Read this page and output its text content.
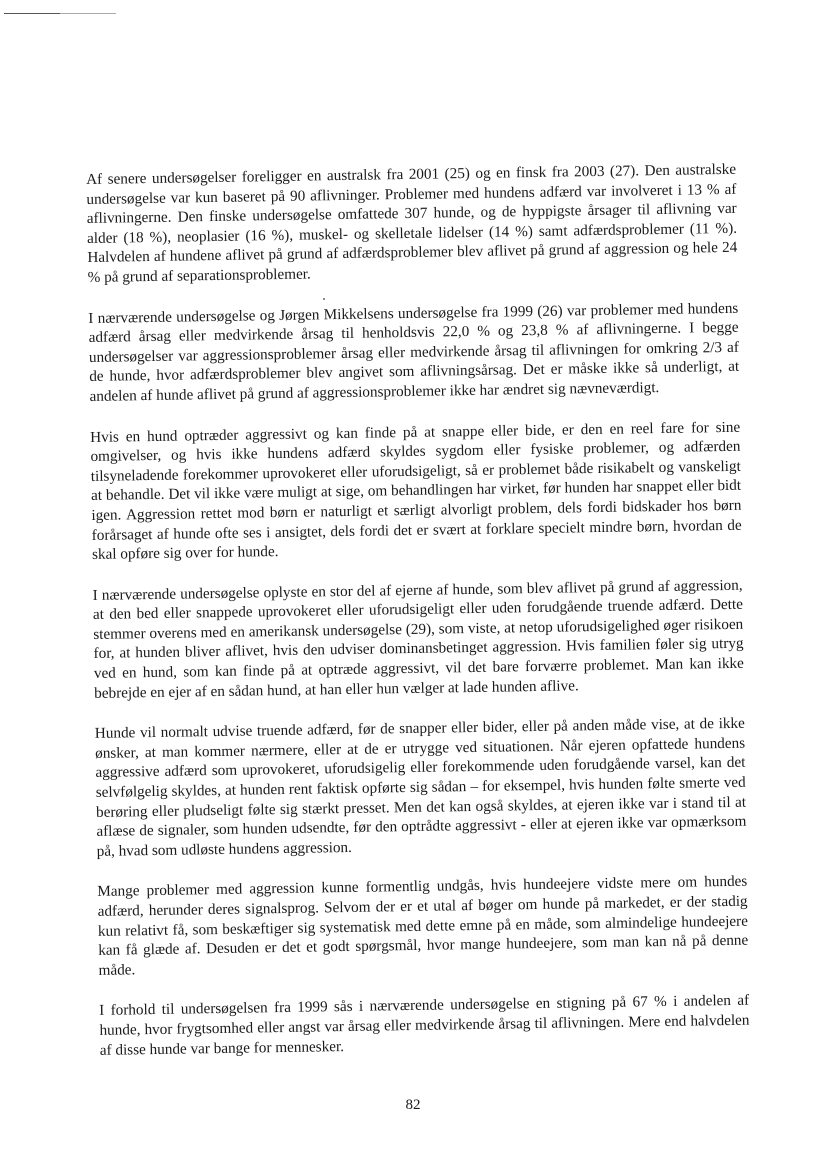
Af senere undersøgelser foreligger en australsk fra 2001 (25) og en finsk fra 2003 (27). Den australske undersøgelse var kun baseret på 90 aflivninger. Problemer med hundens adfærd var involveret i 13 % af aflivningerne. Den finske undersøgelse omfattede 307 hunde, og de hyppigste årsager til aflivning var alder (18 %), neoplasier (16 %), muskel- og skelletale lidelser (14 %) samt adfærdsproblemer (11 %). Halvdelen af hundene aflivet på grund af adfærdsproblemer blev aflivet på grund af aggression og hele 24 % på grund af separationsproblemer.

I nærværende undersøgelse og Jørgen Mikkelsens undersøgelse fra 1999 (26) var problemer med hundens adfærd årsag eller medvirkende årsag til henholdsvis 22,0 % og 23,8 % af aflivningerne. I begge undersøgelser var aggressionsproblemer årsag eller medvirkende årsag til aflivningen for omkring 2/3 af de hunde, hvor adfærdsproblemer blev angivet som aflivningsårsag. Det er måske ikke så underligt, at andelen af hunde aflivet på grund af aggressionsproblemer ikke har ændret sig nævneværdigt.

Hvis en hund optræder aggressivt og kan finde på at snappe eller bide, er den en reel fare for sine omgivelser, og hvis ikke hundens adfærd skyldes sygdom eller fysiske problemer, og adfærden tilsyneladende forekommer uprovokeret eller uforudsigeligt, så er problemet både risikabelt og vanskeligt at behandle. Det vil ikke være muligt at sige, om behandlingen har virket, før hunden har snappet eller bidt igen. Aggression rettet mod børn er naturligt et særligt alvorligt problem, dels fordi bidskader hos børn forårsaget af hunde ofte ses i ansigtet, dels fordi det er svært at forklare specielt mindre børn, hvordan de skal opføre sig over for hunde.

I nærværende undersøgelse oplyste en stor del af ejerne af hunde, som blev aflivet på grund af aggression, at den bed eller snappede uprovokeret eller uforudsigeligt eller uden forudgående truende adfærd. Dette stemmer overens med en amerikansk undersøgelse (29), som viste, at netop uforudsigelighed øger risikoen for, at hunden bliver aflivet, hvis den udviser dominansbetinget aggression. Hvis familien føler sig utryg ved en hund, som kan finde på at optræde aggressivt, vil det bare forværre problemet. Man kan ikke bebrejde en ejer af en sådan hund, at han eller hun vælger at lade hunden aflive.

Hunde vil normalt udvise truende adfærd, før de snapper eller bider, eller på anden måde vise, at de ikke ønsker, at man kommer nærmere, eller at de er utrygge ved situationen. Når ejeren opfattede hundens aggressive adfærd som uprovokeret, uforudsigelig eller forekommende uden forudgående varsel, kan det selvfølgelig skyldes, at hunden rent faktisk opførte sig sådan – for eksempel, hvis hunden følte smerte ved berøring eller pludseligt følte sig stærkt presset. Men det kan også skyldes, at ejeren ikke var i stand til at aflæse de signaler, som hunden udsendte, før den optrådte aggressivt - eller at ejeren ikke var opmærksom på, hvad som udløste hundens aggression.

Mange problemer med aggression kunne formentlig undgås, hvis hundeejere vidste mere om hundes adfærd, herunder deres signalsprog. Selvom der er et utal af bøger om hunde på markedet, er der stadig kun relativt få, som beskæftiger sig systematisk med dette emne på en måde, som almindelige hundeejere kan få glæde af. Desuden er det et godt spørgsmål, hvor mange hundeejere, som man kan nå på denne måde.

I forhold til undersøgelsen fra 1999 sås i nærværende undersøgelse en stigning på 67 % i andelen af hunde, hvor frygtsomhed eller angst var årsag eller medvirkende årsag til aflivningen. Mere end halvdelen af disse hunde var bange for mennesker.

82
